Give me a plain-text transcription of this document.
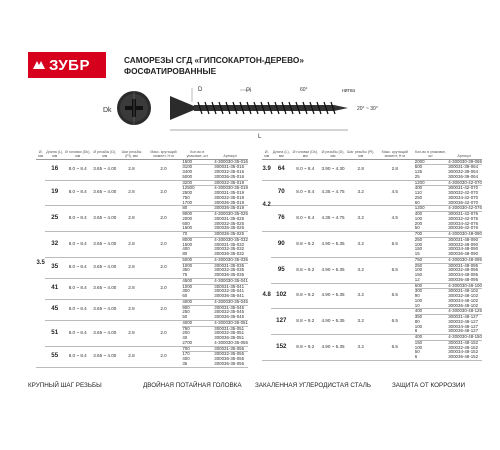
ЗУБР	САМОРЕЗЫ СГД «ГИПСОКАРТОН-ДЕРЕВО»
ФОСФАТИРОВАННЫЕ
Dk
D	Pi	60°	нитка
20° ~ 30°
L
Ø, мм	Длина (L), мм	Ø головки (Dk), мм	Ø резьбы (D), мм	Шаг резьбы (Pi), мм	Макс. крутящий момент, Н·м	Кол-во в упаковке, шт	Артикул
3.5	16	8.0 ~ 8.4	3.65 ~ 4.00	2.8	2.0	1500	4-300030-35-016
						3100	300031-35-016
						3400	300032-35-016
						5000	300036-35-016
	19	8.0 ~ 8.4	3.65 ~ 4.00	2.8	2.0	3200	300032-35-019
						12500	4-300030-35-019
						2500	300031-35-019
						750	300032-35-019
						1700	300036-35-019
	25	8.0 ~ 8.4	3.65 ~ 4.00	2.8	2.0	80	300036-35-019
						9000	4-300030-35-025
						2000	300031-35-025
						600	300032-35-025
						1500	300036-35-025
	32	8.0 ~ 8.4	3.65 ~ 4.00	2.8	2.0	70	300036-35-025
						8000	4-300030-35-032
						1500	300031-35-032
						400	300032-35-032
						80	300036-35-032
	35	8.0 ~ 8.4	3.65 ~ 4.00	2.8	2.0	5000	4-300030-35-035
						1000	300031-35-035
						350	300032-35-035
						75	300036-35-035
	41	8.0 ~ 8.4	3.65 ~ 4.00	2.8	2.0	4500	4-300030-35-041
						1000	300031-35-041
						300	300032-35-041
						60	300036-35-041
	45	8.0 ~ 8.4	3.65 ~ 4.00	2.8	2.0	4000	4-300030-35-045
						900	300031-35-045
						250	300032-35-045
						50	300036-35-045
	51	8.0 ~ 8.4	3.65 ~ 4.00	2.8	2.0	4000	4-300030-35-051
						750	300031-35-051
						200	300032-35-051
						40	300036-35-051
						2700	4-300030-35-055
	55	8.0 ~ 8.4	3.65 ~ 4.00	2.8	2.0	700	300031-35-055
						170	300032-35-055
						400	300036-35-055
						35	300036-35-055
Ø, мм	Длина (L), мм	Ø головки (Dk), мм	Ø резьбы (D), мм	Шаг резьбы (Pi), мм	Макс. крутящий момент, Н·м	Кол-во в упаковке, шт	Артикул
3.9	64	8.0 ~ 8.4	3.90 ~ 4.30	2.8	2.8	2000	4-300030-39-065
						500	300031-39-064
						125	300032-39-064
						25	300036-39-064
4.2	70	8.0 ~ 8.4	4.35 ~ 4.75	3.2	4.5	1200	4-300030-42-070
						400	300031-42-070
						110	300032-42-070
						250	300034-42-070
						60	300036-42-070
	76	8.0 ~ 8.4	4.35 ~ 4.75	3.2	4.5	1200	4-300030-42-076
						400	300031-42-076
						100	300032-42-076
						200	300034-42-076
						50	300036-42-076
4.8	90	8.8 ~ 9.2	4.90 ~ 5.35	3.2	6.5	700	4-300030-48-090
						250	300031-48-090
						100	300032-48-090
						150	300034-48-090
						15	300036-48-090
	95	8.8 ~ 9.2	4.90 ~ 5.35	3.2	6.5	750	4-300030-48-095
						250	300031-48-095
						100	300032-48-095
						150	300034-48-095
						12	300036-48-095
	102	8.8 ~ 9.2	4.90 ~ 5.35	3.2	6.5	600	4-300030-48-100
						300	300031-48-102
						90	300032-48-102
						100	300034-48-102
						10	300036-48-102
	127	8.8 ~ 9.2	4.90 ~ 5.35	3.2	6.5	400	4-300030-48-125
						350	300031-48-127
						80	300032-48-127
						100	300034-48-127
						8	300036-48-127
	152	8.8 ~ 9.2	4.90 ~ 5.35	3.2	6.5	400	4-300030-48-150
						150	300031-48-152
						100	300032-48-152
						50	300034-48-152
						6	300036-48-152
КРУПНЫЙ ШАГ РЕЗЬБЫ	ДВОЙНАЯ ПОТАЙНАЯ ГОЛОВКА ЗАКАЛЕННАЯ УГЛЕРОДИСТАЯ СТАЛЬ	ЗАЩИТА ОТ КОРРОЗИИ
